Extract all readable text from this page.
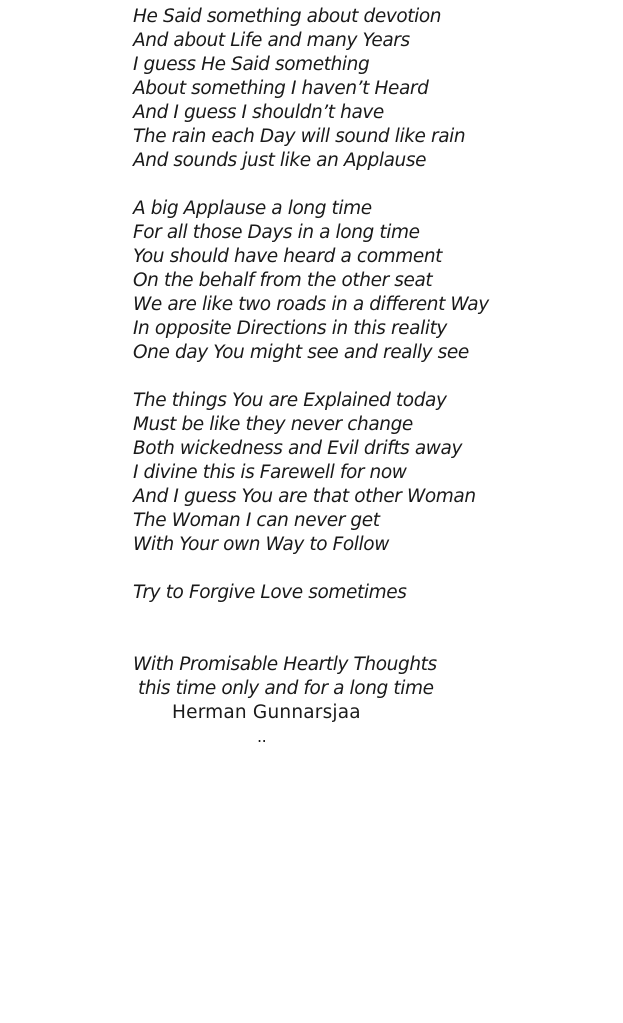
He Said something about devotion
And about Life and many Years
I guess He Said something
About something I haven’t Heard
And I guess I shouldn’t have
The rain each Day will sound like rain
And sounds just like an Applause
A big Applause a long time
For all those Days in a long time
You should have heard a comment
On the behalf from the other seat
We are like two roads in a different Way
In opposite Directions in this reality
One day You might see and really see
The things You are Explained today
Must be like they never change
Both wickedness and Evil drifts away
I divine this is Farewell for now
And I guess You are that other Woman
The Woman I can never get
With Your own Way to Follow
Try to Forgive Love sometimes
With Promisable Heartly Thoughts
this time only and for a long time
Herman Gunnarsjaa
..
